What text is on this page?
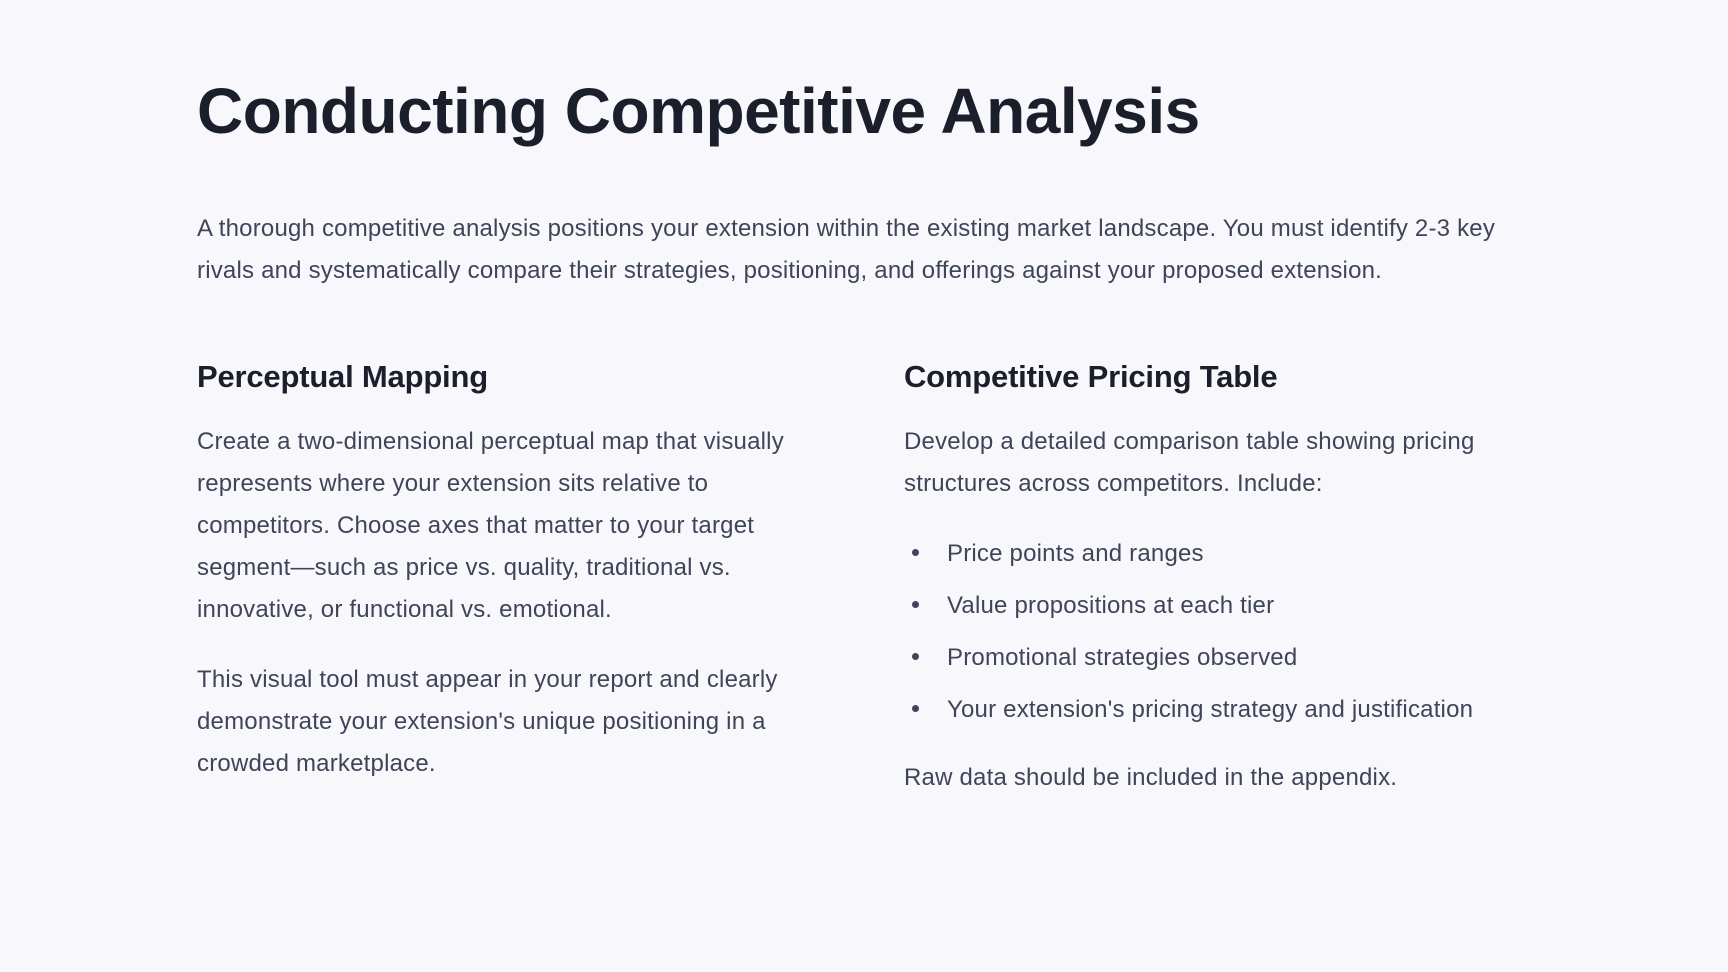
Conducting Competitive Analysis

A thorough competitive analysis positions your extension within the existing market landscape. You must identify 2-3 key rivals and systematically compare their strategies, positioning, and offerings against your proposed extension.

Perceptual Mapping

Create a two-dimensional perceptual map that visually represents where your extension sits relative to competitors. Choose axes that matter to your target segment—such as price vs. quality, traditional vs. innovative, or functional vs. emotional.

This visual tool must appear in your report and clearly demonstrate your extension's unique positioning in a crowded marketplace.

Competitive Pricing Table

Develop a detailed comparison table showing pricing structures across competitors. Include:

Price points and ranges
Value propositions at each tier
Promotional strategies observed
Your extension's pricing strategy and justification

Raw data should be included in the appendix.
